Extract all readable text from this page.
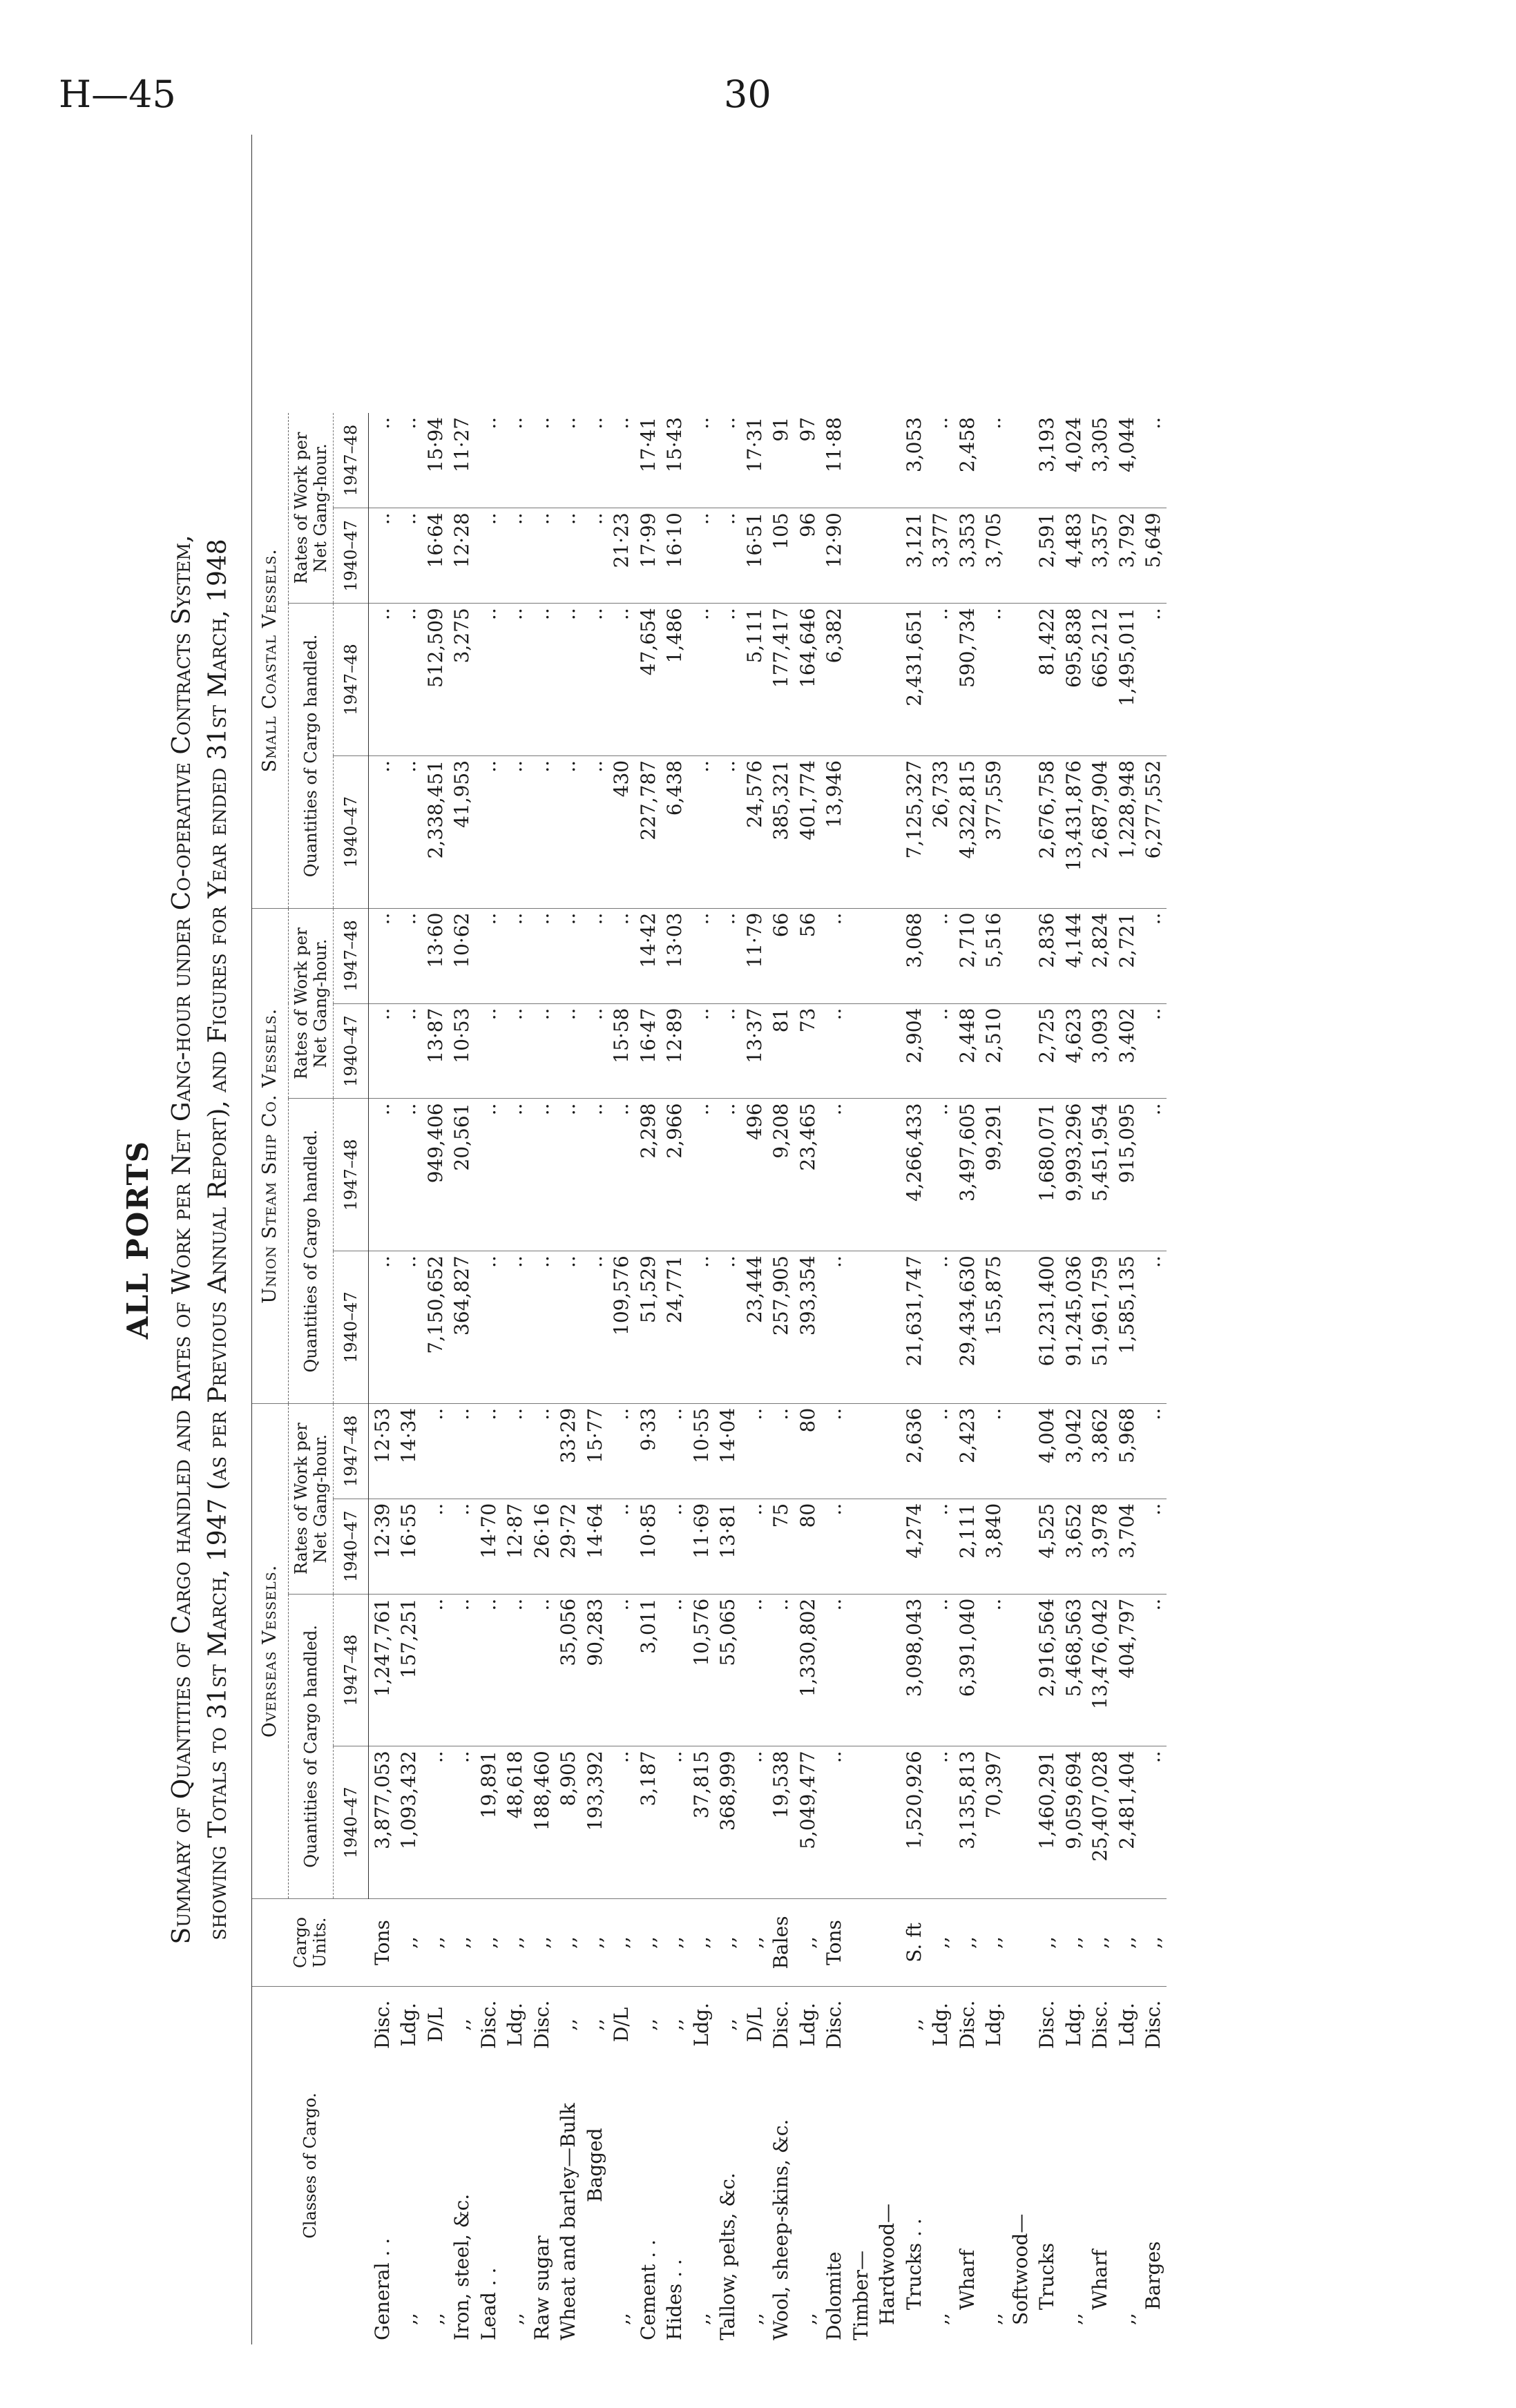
H—45	30
ALL PORTS Summary of Quantities of Cargo handled and Rates of Work per Net Gang-hour under Co-operative Contracts System, showing Totals to 31st March, 1947 (as per Previous Annual Report), and Figures for Year ended 31st March, 1948
Classes of Cargo.		Cargo Units.	Overseas Vessels.				Union Steam Ship Co. Vessels.				Small Coastal Vessels.				
			Quantities of Cargo handled.		Rates of Work per Net Gang-hour.		Quantities of Cargo handled.		Rates of Work per Net Gang-hour.		Quantities of Cargo handled.		Rates of Work per Net Gang-hour.		
			1940–47	1947–48	1940–47	1947–48	1940–47	1947–48	1940–47	1947–48	1940–47	1947–48	1940–47	1947–48	
General . .	Disc.	Tons	3,877,053	1,247,761	12·39	12·53	..	..	..	..	..	..	..	..	
,,	Ldg.	,,	1,093,432	157,251	16·55	14·34	..	..	..	..	..	..	..	..	
,,	D/L	,,	..	..	..	..	7,150,652	949,406	13·87	13·60	2,338,451	512,509	16·64	15·94	
Iron, steel, &c.	,,	,,	..	..	..	..	364,827	20,561	10·53	10·62	41,953	3,275	12·28	11·27	
Lead . .	Disc.	,,	19,891	..	14·70	..	..	..	..	..	..	..	..	..	
,,	Ldg.	,,	48,618	..	12·87	..	..	..	..	..	..	..	..	..	
Raw sugar	Disc.	,,	188,460	..	26·16	..	..	..	..	..	..	..	..	..	
Wheat and barley—Bulk	,,	,,	8,905	35,056	29·72	33·29	..	..	..	..	..	..	..	..	
Bagged	,,	,,	193,392	90,283	14·64	15·77	..	..	..	..	..	..	..	..	
,,	D/L	,,	..	..	..	..	109,576	..	15·58	..	430	..	21·23	..	
Cement . .	,,	,,	3,187	3,011	10·85	9·33	51,529	2,298	16·47	14·42	227,787	47,654	17·99	17·41	
Hides . .	,,	,,	..	..	..	..	24,771	2,966	12·89	13·03	6,438	1,486	16·10	15·43	
,,	Ldg.	,,	37,815	10,576	11·69	10·55	..	..	..	..	..	..	..	..	
Tallow, pelts, &c.	,,	,,	368,999	55,065	13·81	14·04	..	..	..	..	..	..	..	..	
,,	D/L	,,	..	..	..	..	23,444	496	13·37	11·79	24,576	5,111	16·51	17·31	
Wool, sheep-skins, &c.	Disc.	Bales	19,538	..	75	..	257,905	9,208	81	66	385,321	177,417	105	91	
,,	Ldg.	,,	5,049,477	1,330,802	80	80	393,354	23,465	73	56	401,774	164,646	96	97	
Dolomite	Disc.	Tons	..	..	..	..	..	..	..	..	13,946	6,382	12·90	11·88	
Timber—															
Hardwood—															
Trucks . .	,,	S. ft	1,520,926	3,098,043	4,274	2,636	21,631,747	4,266,433	2,904	3,068	7,125,327	2,431,651	3,121	3,053	
,,	Ldg.	,,	..	..	..	..	..	..	..	..	26,733	..	3,377	..	
Wharf	Disc.	,,	3,135,813	6,391,040	2,111	2,423	29,434,630	3,497,605	2,448	2,710	4,322,815	590,734	3,353	2,458	
,,	Ldg.	,,	70,397	..	3,840	..	155,875	99,291	2,510	5,516	377,559	..	3,705	..	
Softwood—															
Trucks	Disc.	,,	1,460,291	2,916,564	4,525	4,004	61,231,400	1,680,071	2,725	2,836	2,676,758	81,422	2,591	3,193	
,,	Ldg.	,,	9,059,694	5,468,563	3,652	3,042	91,245,036	9,993,296	4,623	4,144	13,431,876	695,838	4,483	4,024	
Wharf	Disc.	,,	25,407,028	13,476,042	3,978	3,862	51,961,759	5,451,954	3,093	2,824	2,687,904	665,212	3,357	3,305	
,,	Ldg.	,,	2,481,404	404,797	3,704	5,968	1,585,135	915,095	3,402	2,721	1,228,948	1,495,011	3,792	4,044	
Barges	Disc.	,,	..	..	..	..	..	..	..	..	6,277,552	..	5,649	..	
